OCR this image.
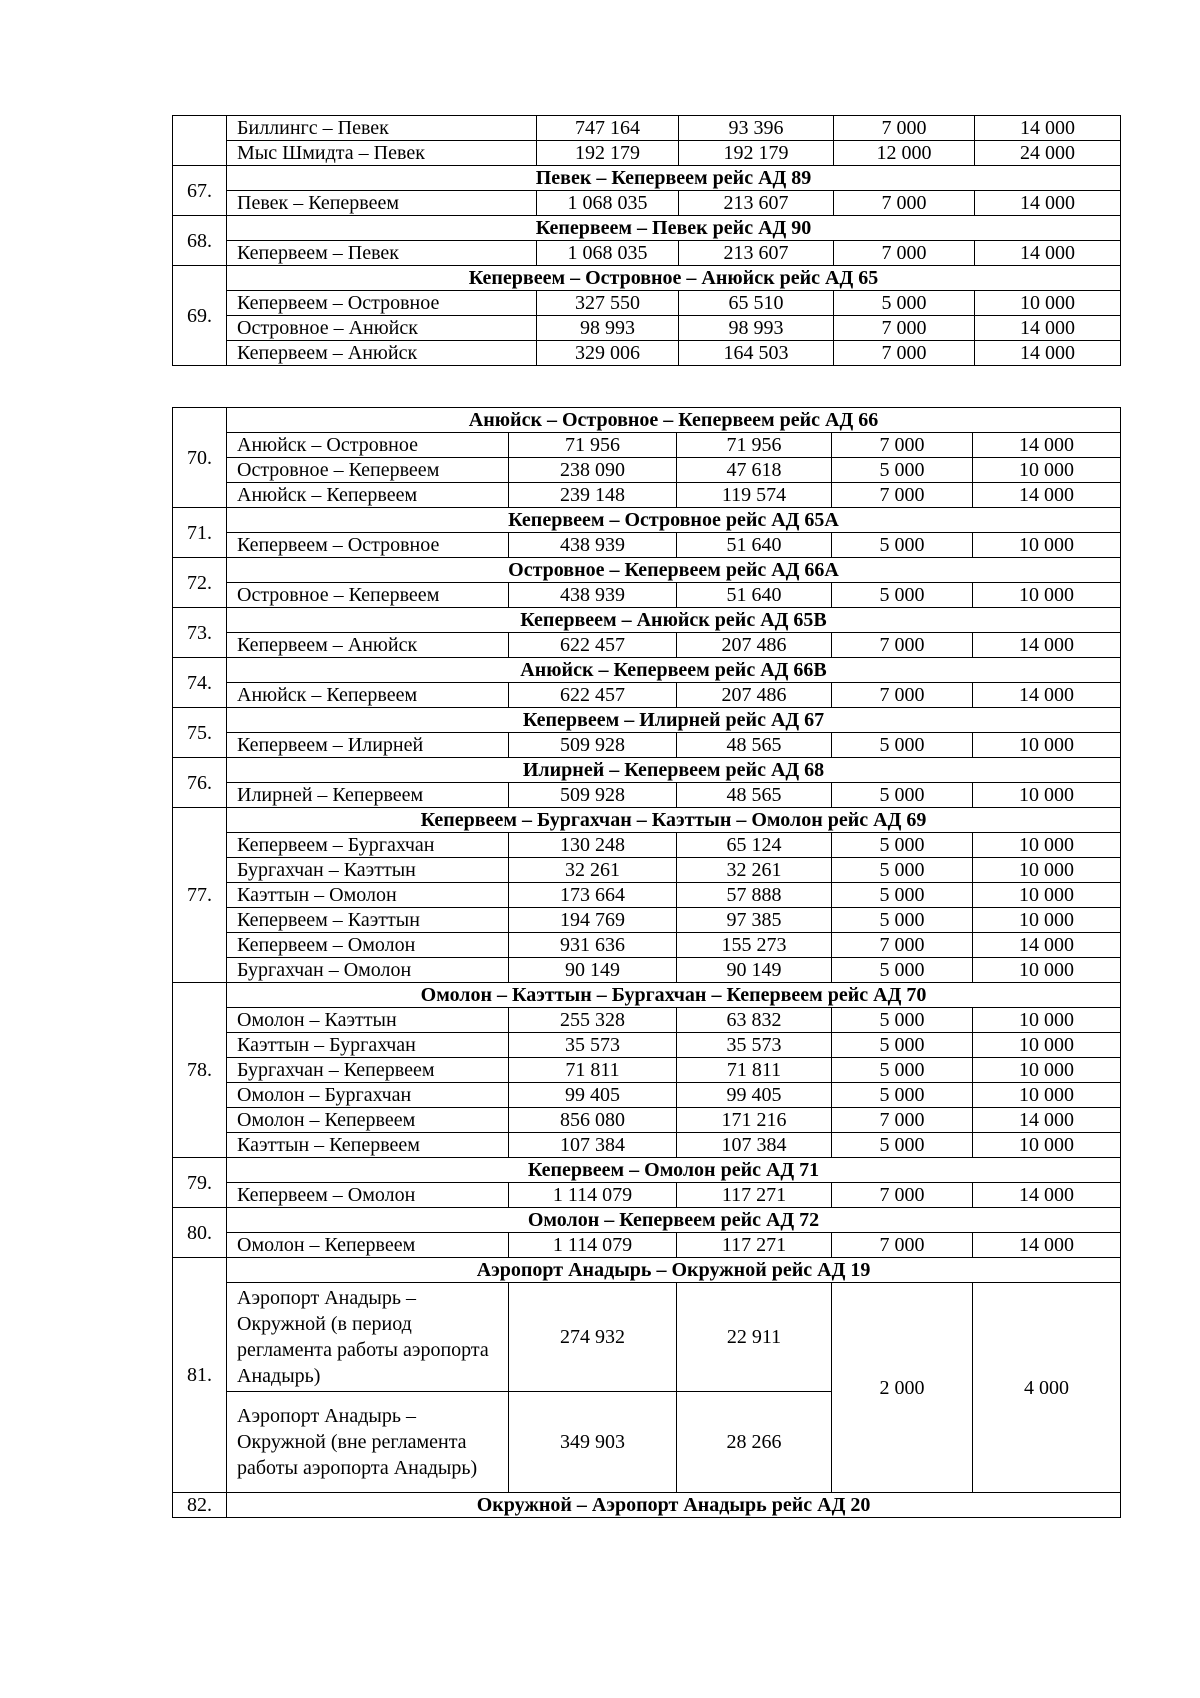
	Биллингс – Певек	747 164	93 396	7 000	14 000
	Мыс Шмидта – Певек	192 179	192 179	12 000	24 000
67.	Певек – Кепервеем рейс АД 89				
	Певек – Кепервеем	1 068 035	213 607	7 000	14 000
68.	Кепервеем – Певек рейс АД 90				
	Кепервеем – Певек	1 068 035	213 607	7 000	14 000
69.	Кепервеем – Островное – Анюйск рейс АД 65				
	Кепервеем – Островное	327 550	65 510	5 000	10 000
	Островное – Анюйск	98 993	98 993	7 000	14 000
	Кепервеем – Анюйск	329 006	164 503	7 000	14 000
70.	Анюйск – Островное – Кепервеем рейс АД 66				
	Анюйск – Островное	71 956	71 956	7 000	14 000
	Островное – Кепервеем	238 090	47 618	5 000	10 000
	Анюйск – Кепервеем	239 148	119 574	7 000	14 000
71.	Кепервеем – Островное рейс АД 65А				
	Кепервеем – Островное	438 939	51 640	5 000	10 000
72.	Островное – Кепервеем рейс АД 66А				
	Островное – Кепервеем	438 939	51 640	5 000	10 000
73.	Кепервеем – Анюйск рейс АД 65В				
	Кепервеем – Анюйск	622 457	207 486	7 000	14 000
74.	Анюйск – Кепервеем рейс АД 66В				
	Анюйск – Кепервеем	622 457	207 486	7 000	14 000
75.	Кепервеем – Илирней рейс АД 67				
	Кепервеем – Илирней	509 928	48 565	5 000	10 000
76.	Илирней – Кепервеем рейс АД 68				
	Илирней – Кепервеем	509 928	48 565	5 000	10 000
77.	Кепервеем – Бургахчан – Каэттын – Омолон рейс АД 69				
	Кепервеем – Бургахчан	130 248	65 124	5 000	10 000
	Бургахчан – Каэттын	32 261	32 261	5 000	10 000
	Каэттын – Омолон	173 664	57 888	5 000	10 000
	Кепервеем – Каэттын	194 769	97 385	5 000	10 000
	Кепервеем – Омолон	931 636	155 273	7 000	14 000
	Бургахчан – Омолон	90 149	90 149	5 000	10 000
78.	Омолон – Каэттын – Бургахчан – Кепервеем рейс АД 70				
	Омолон – Каэттын	255 328	63 832	5 000	10 000
	Каэттын – Бургахчан	35 573	35 573	5 000	10 000
	Бургахчан – Кепервеем	71 811	71 811	5 000	10 000
	Омолон – Бургахчан	99 405	99 405	5 000	10 000
	Омолон – Кепервеем	856 080	171 216	7 000	14 000
	Каэттын – Кепервеем	107 384	107 384	5 000	10 000
79.	Кепервеем – Омолон рейс АД 71				
	Кепервеем – Омолон	1 114 079	117 271	7 000	14 000
80.	Омолон – Кепервеем рейс АД 72				
	Омолон – Кепервеем	1 114 079	117 271	7 000	14 000
81.	Аэропорт Анадырь – Окружной рейс АД 19				
	Аэропорт Анадырь – Окружной (в период регламента работы аэропорта Анадырь)	274 932	22 911	2 000	4 000
	Аэропорт Анадырь – Окружной (вне регламента работы аэропорта Анадырь)	349 903	28 266		
82.	Окружной – Аэропорт Анадырь рейс АД 20				
